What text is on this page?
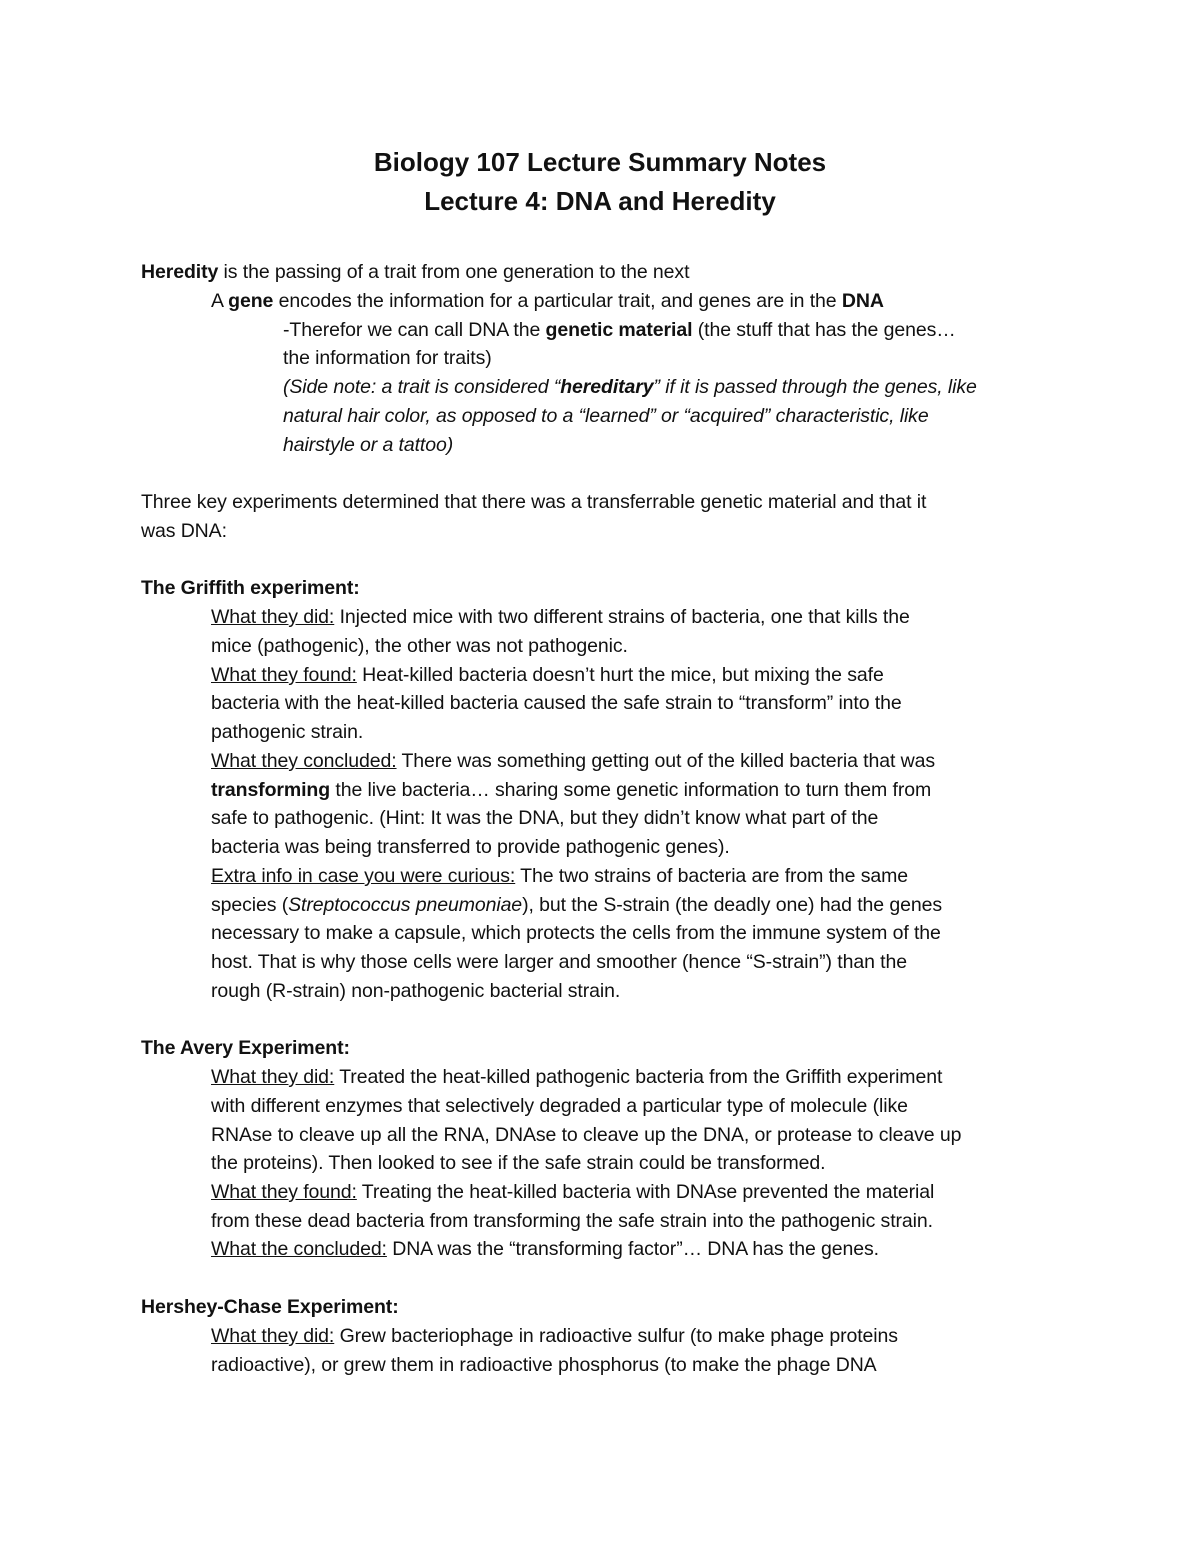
Biology 107 Lecture Summary Notes
Lecture 4: DNA and Heredity
Heredity is the passing of a trait from one generation to the next
A gene encodes the information for a particular trait, and genes are in the DNA
-Therefor we can call DNA the genetic material (the stuff that has the genes…
the information for traits)
(Side note: a trait is considered “hereditary” if it is passed through the genes, like
natural hair color, as opposed to a “learned” or “acquired” characteristic, like
hairstyle or a tattoo)
Three key experiments determined that there was a transferrable genetic material and that it
was DNA:
The Griffith experiment:
What they did: Injected mice with two different strains of bacteria, one that kills the
mice (pathogenic), the other was not pathogenic.
What they found: Heat-killed bacteria doesn’t hurt the mice, but mixing the safe
bacteria with the heat-killed bacteria caused the safe strain to “transform” into the
pathogenic strain.
What they concluded: There was something getting out of the killed bacteria that was
transforming the live bacteria… sharing some genetic information to turn them from
safe to pathogenic. (Hint: It was the DNA, but they didn’t know what part of the
bacteria was being transferred to provide pathogenic genes).
Extra info in case you were curious: The two strains of bacteria are from the same
species (Streptococcus pneumoniae), but the S-strain (the deadly one) had the genes
necessary to make a capsule, which protects the cells from the immune system of the
host. That is why those cells were larger and smoother (hence “S-strain”) than the
rough (R-strain) non-pathogenic bacterial strain.
The Avery Experiment:
What they did: Treated the heat-killed pathogenic bacteria from the Griffith experiment
with different enzymes that selectively degraded a particular type of molecule (like
RNAse to cleave up all the RNA, DNAse to cleave up the DNA, or protease to cleave up
the proteins). Then looked to see if the safe strain could be transformed.
What they found: Treating the heat-killed bacteria with DNAse prevented the material
from these dead bacteria from transforming the safe strain into the pathogenic strain.
What the concluded: DNA was the “transforming factor”… DNA has the genes.
Hershey-Chase Experiment:
What they did: Grew bacteriophage in radioactive sulfur (to make phage proteins
radioactive), or grew them in radioactive phosphorus (to make the phage DNA
